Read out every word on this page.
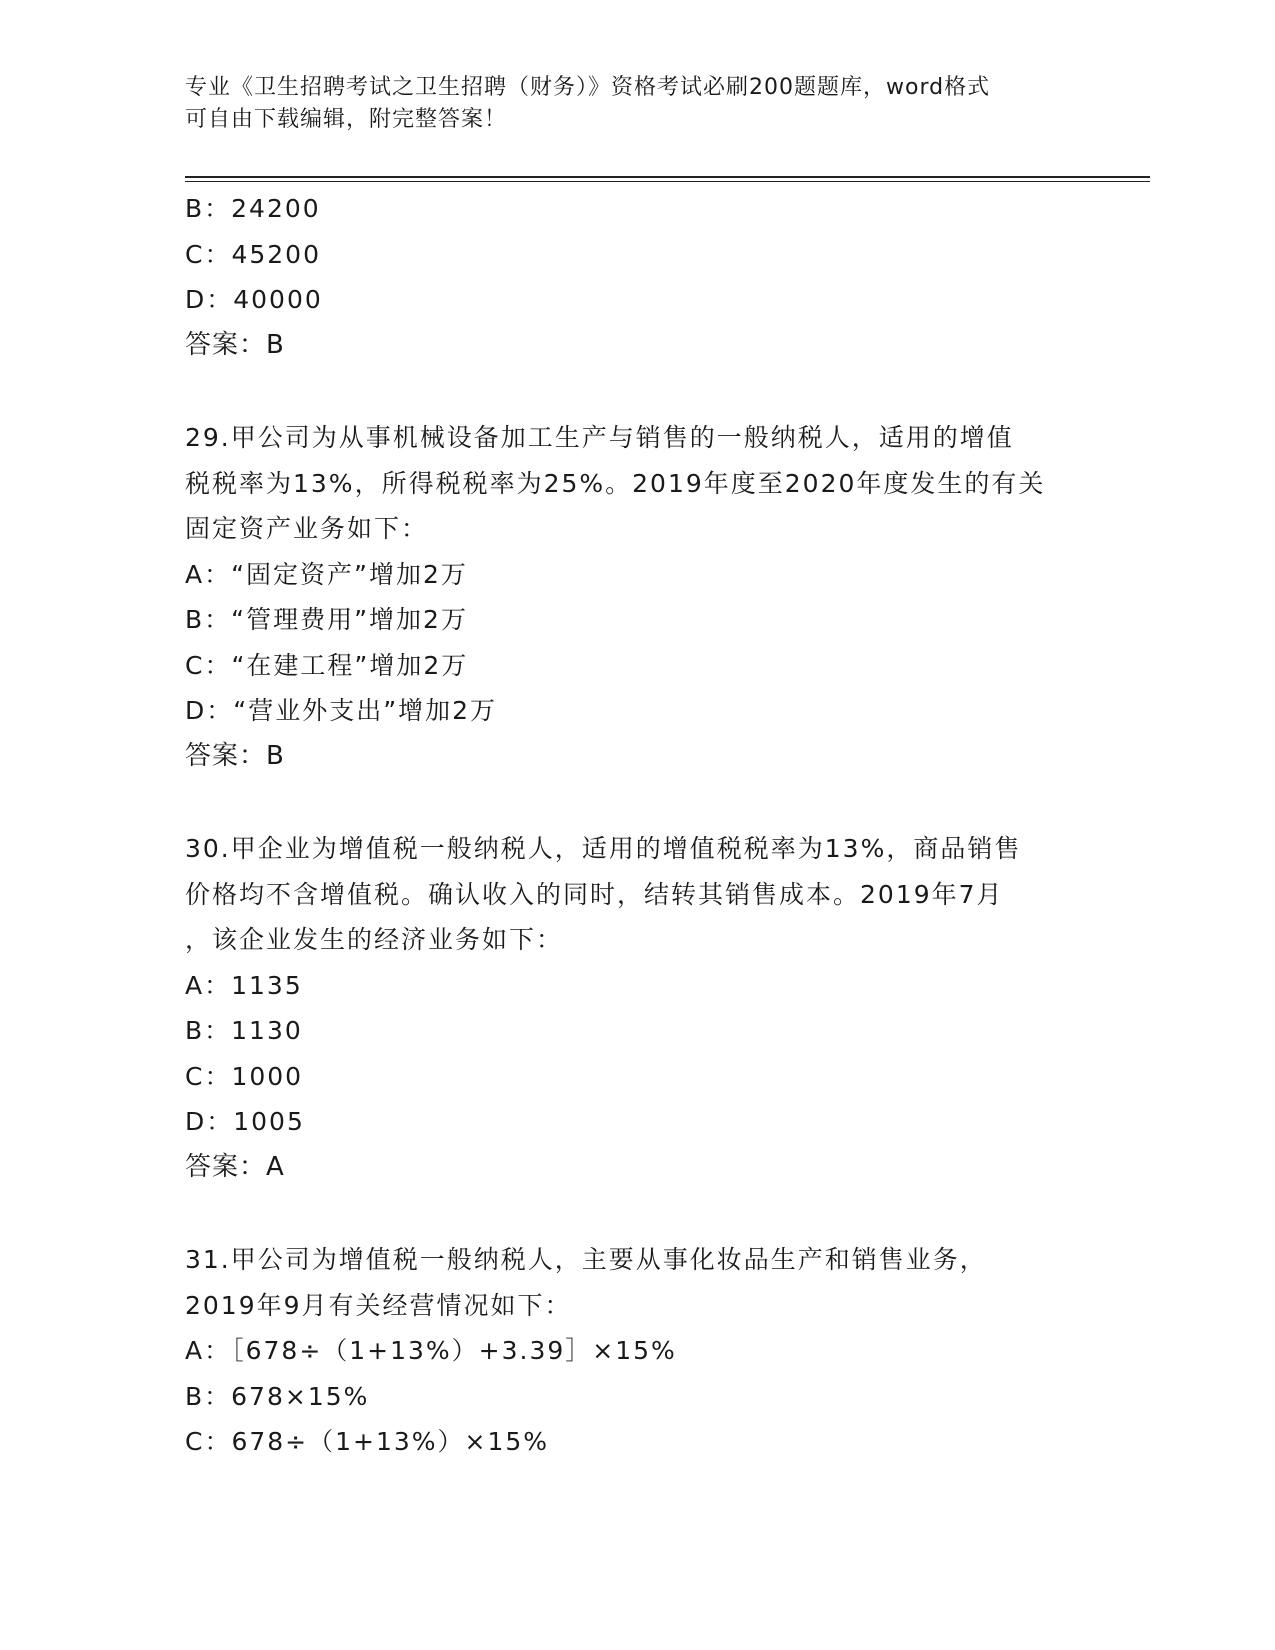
专业《卫生招聘考试之卫生招聘（财务）》资格考试必刷200题题库，word格式

可自由下载编辑，附完整答案！

B：24200

C：45200

D：40000

答案：B

29.甲公司为从事机械设备加工生产与销售的一般纳税人，适用的增值

税税率为13%，所得税税率为25%。2019年度至2020年度发生的有关

固定资产业务如下：

A：“固定资产”增加2万

B：“管理费用”增加2万

C：“在建工程”增加2万

D：“营业外支出”增加2万

答案：B

30.甲企业为增值税一般纳税人，适用的增值税税率为13%，商品销售

价格均不含增值税。确认收入的同时，结转其销售成本。2019年7月

，该企业发生的经济业务如下：

A：1135

B：1130

C：1000

D：1005

答案：A

31.甲公司为增值税一般纳税人，主要从事化妆品生产和销售业务，

2019年9月有关经营情况如下：

A：［678÷（1+13%）+3.39］×15%

B：678×15%

C：678÷（1+13%）×15%
